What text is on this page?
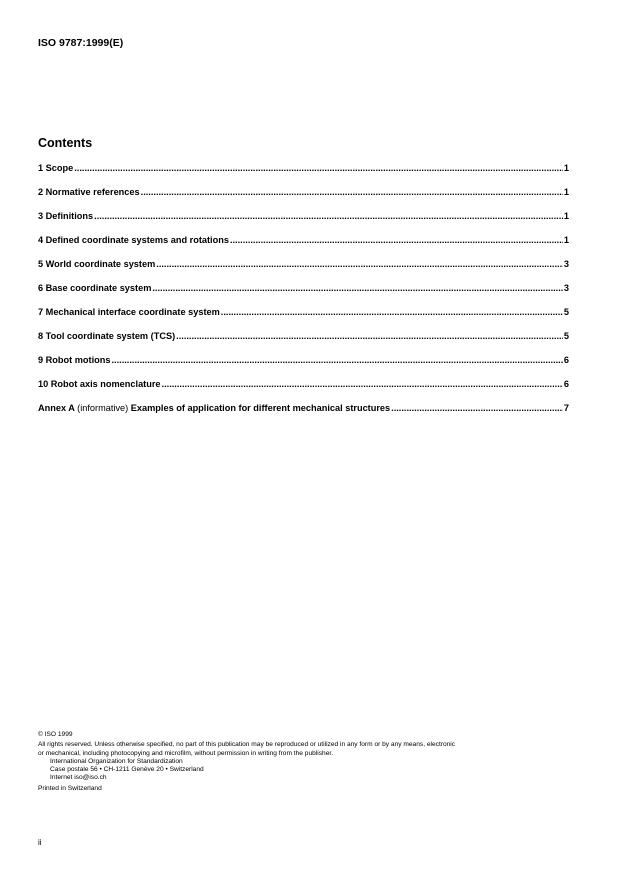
ISO 9787:1999(E)
Contents
1 Scope .....	1
2 Normative references .....	1
3 Definitions .....	1
4 Defined coordinate systems and rotations .....	1
5 World coordinate system .....	3
6 Base coordinate system .....	3
7 Mechanical interface coordinate system .....	5
8 Tool coordinate system (TCS) .....	5
9 Robot motions .....	6
10 Robot axis nomenclature .....	6
Annex A (informative) Examples of application for different mechanical structures .....	7

© ISO 1999

All rights reserved. Unless otherwise specified, no part of this publication may be reproduced or utilized in any form or by any means, electronic

or mechanical, including photocopying and microfilm, without permission in writing from the publisher.

International Organization for Standardization

Case postale 56 • CH-1211 Genève 20 • Switzerland

Internet iso@iso.ch

Printed in Switzerland

ii
